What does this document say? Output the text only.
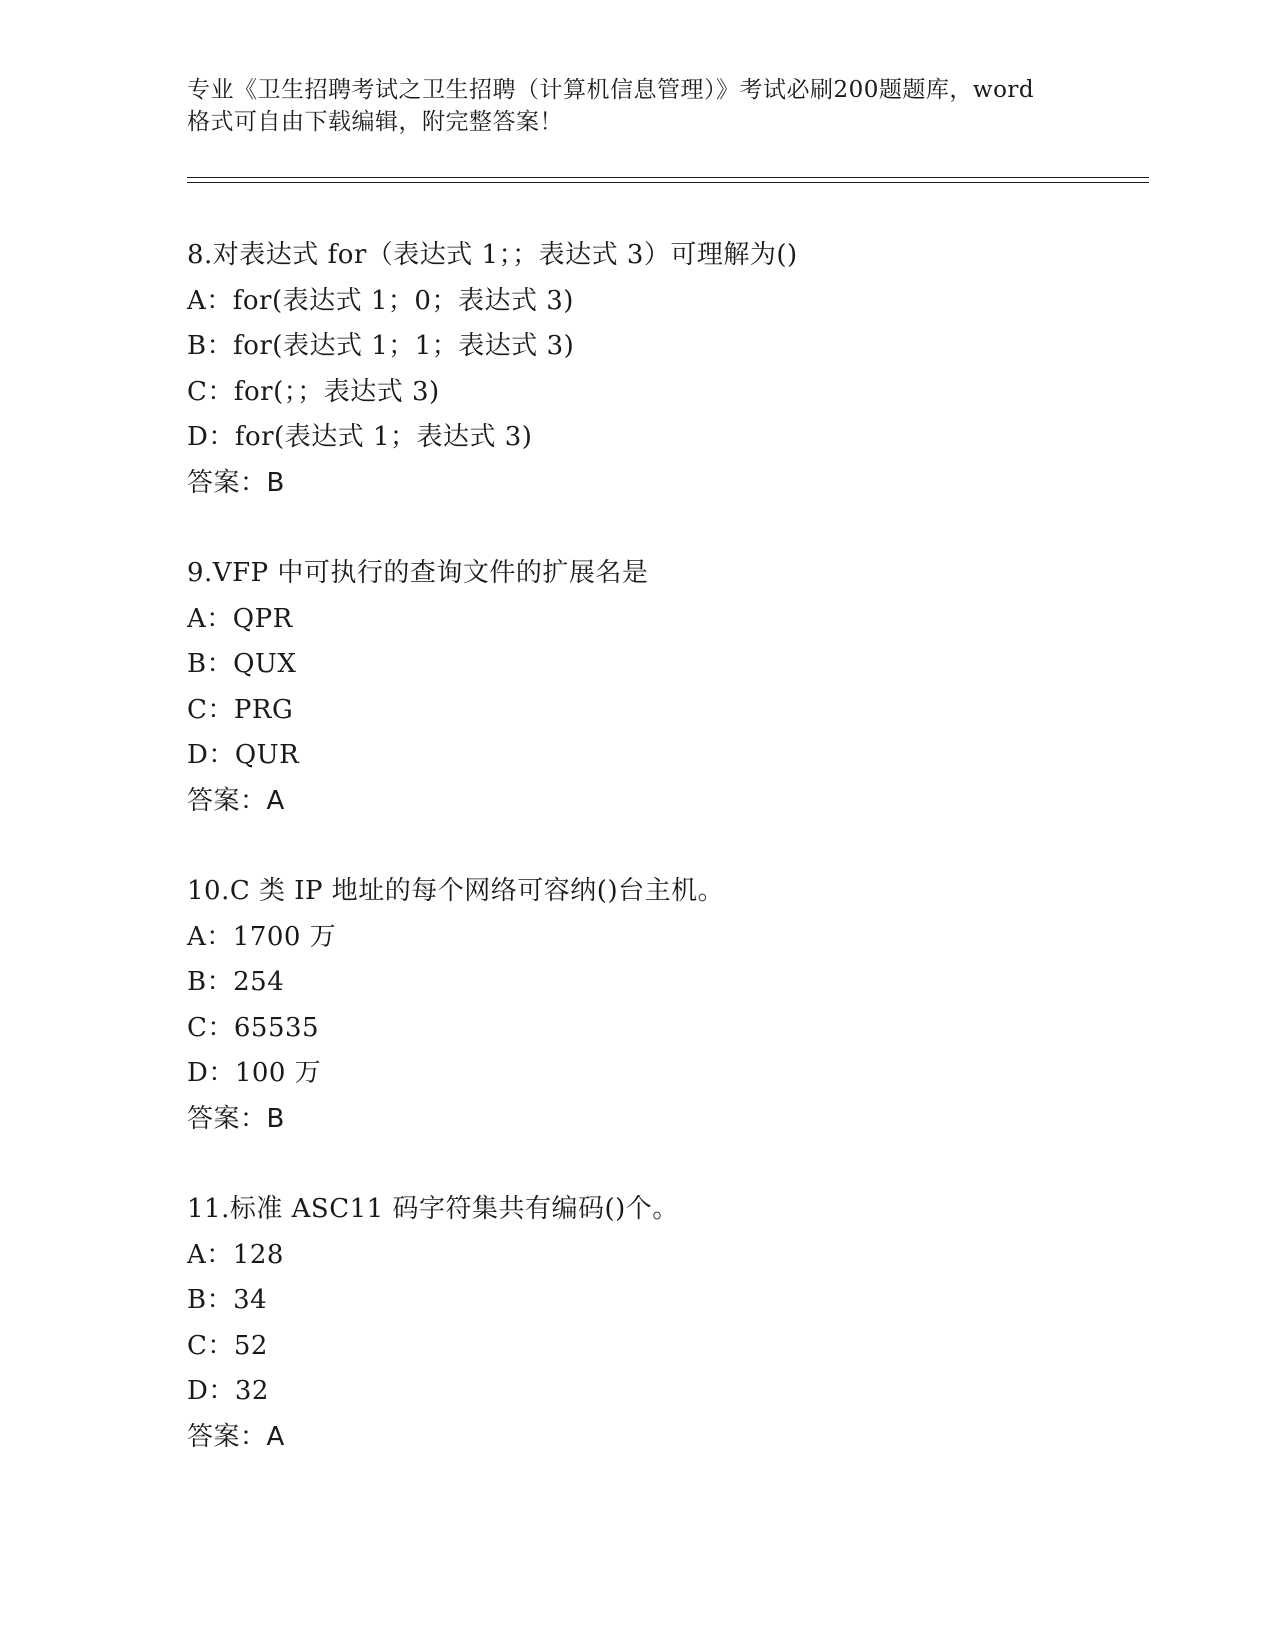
专业《卫生招聘考试之卫生招聘（计算机信息管理）》考试必刷200题题库，word
格式可自由下载编辑，附完整答案！
8.对表达式 for（表达式 1；；表达式 3）可理解为()
A：for(表达式 1；0；表达式 3)
B：for(表达式 1；1；表达式 3)
C：for(；；表达式 3)
D：for(表达式 1；表达式 3)
答案：B
9.VFP 中可执行的查询文件的扩展名是
A：QPR
B：QUX
C：PRG
D：QUR
答案：A
10.C 类 IP 地址的每个网络可容纳()台主机。
A：1700 万
B：254
C：65535
D：100 万
答案：B
11.标准 ASC11 码字符集共有编码()个。
A：128
B：34
C：52
D：32
答案：A
